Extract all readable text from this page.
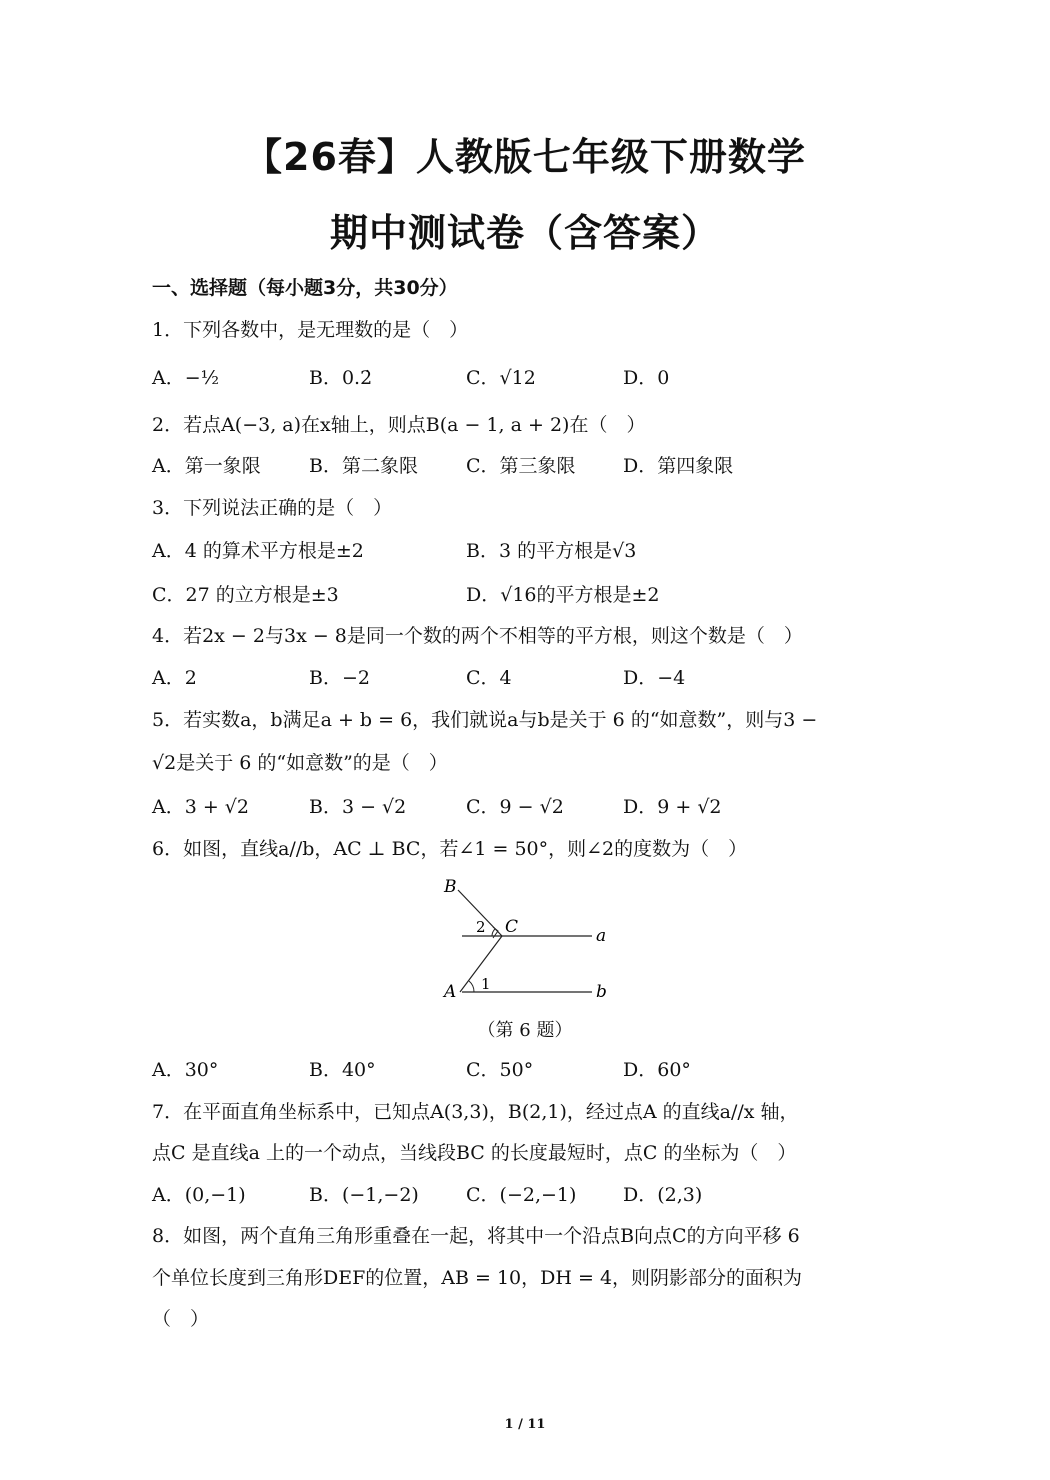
【26春】人教版七年级下册数学
期中测试卷（含答案）
一、选择题（每小题3分，共30分）
1．下列各数中，是无理数的是（　）
A．−½	B．0.2̇	C．√12	D．0
2．若点A(−3, a)在x轴上，则点B(a − 1, a + 2)在（　）
A．第一象限	B．第二象限	C．第三象限 D．第四象限
3．下列说法正确的是（　）
A．4 的算术平方根是±2	B．3 的平方根是√3
C．27 的立方根是±3	D．√16的平方根是±2
4．若2x − 2与3x − 8是同一个数的两个不相等的平方根，则这个数是（　）
A．2	B．−2	C．4	D．−4
5．若实数a，b满足a + b = 6，我们就说a与b是关于 6 的“如意数”，则与3 −
√2是关于 6 的“如意数”的是（　）
A．3 + √2	B．3 − √2	C．9 − √2	D．9 + √2
6．如图，直线a//b，AC ⊥ BC，若∠1 = 50°，则∠2的度数为（　）
B
C
A
a
b
1
2
（第 6 题）
A．30°	B．40°	C．50°	D．60°
7．在平面直角坐标系中，已知点A(3,3)，B(2,1)，经过点A 的直线a//x 轴，
点C 是直线a 上的一个动点，当线段BC 的长度最短时，点C 的坐标为（　）
A．(0,−1)	B．(−1,−2) C．(−2,−1) D．(2,3)
8．如图，两个直角三角形重叠在一起，将其中一个沿点B向点C的方向平移 6
个单位长度到三角形DEF的位置，AB = 10，DH = 4，则阴影部分的面积为
（　）
1 / 11
